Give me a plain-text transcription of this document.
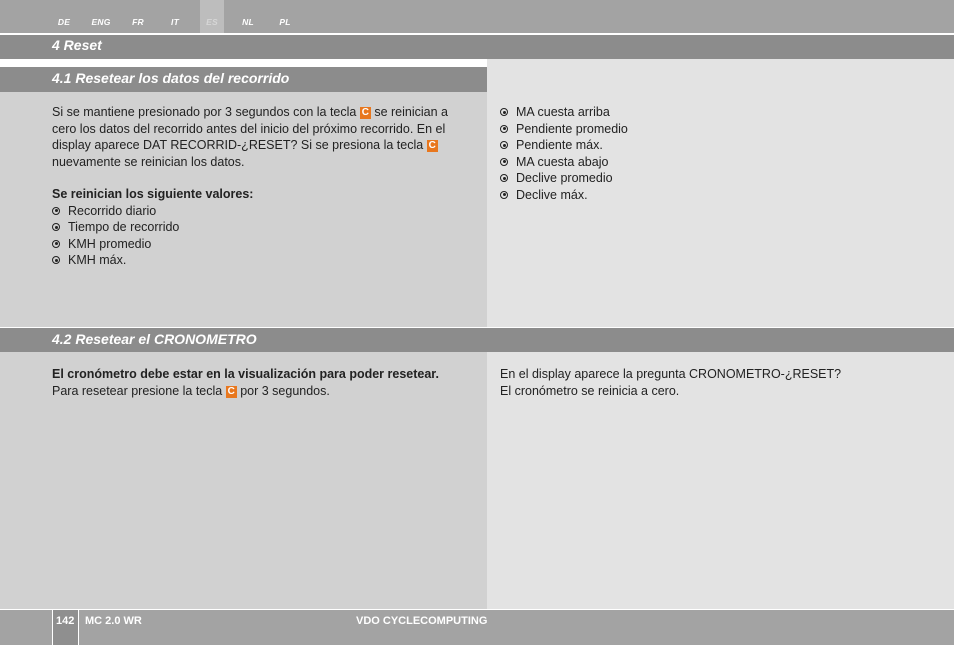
DE	ENG	FR	IT	ES	NL	PL
4 Reset
4.1 Resetear los datos del recorrido

Si se mantiene presionado por 3 segundos con la tecla C se reinician a cero los datos del recorrido antes del inicio del próximo recorrido. En el display aparece DAT RECORRID-¿RESET? Si se presiona la tecla C nuevamente se reinician los datos.

Se reinician los siguiente valores:

Recorrido diario
Tiempo de recorrido
KMH promedio
KMH máx.
MA cuesta arriba
Pendiente promedio
Pendiente máx.
MA cuesta abajo
Declive promedio
Declive máx.
4.2 Resetear el CRONOMETRO

El cronómetro debe estar en la visualización para poder resetear.

Para resetear presione la tecla C por 3 segundos.

En el display aparece la pregunta CRONOMETRO-¿RESET?

El cronómetro se reinicia a cero.

142 MC 2.0 WR	VDO CYCLECOMPUTING
